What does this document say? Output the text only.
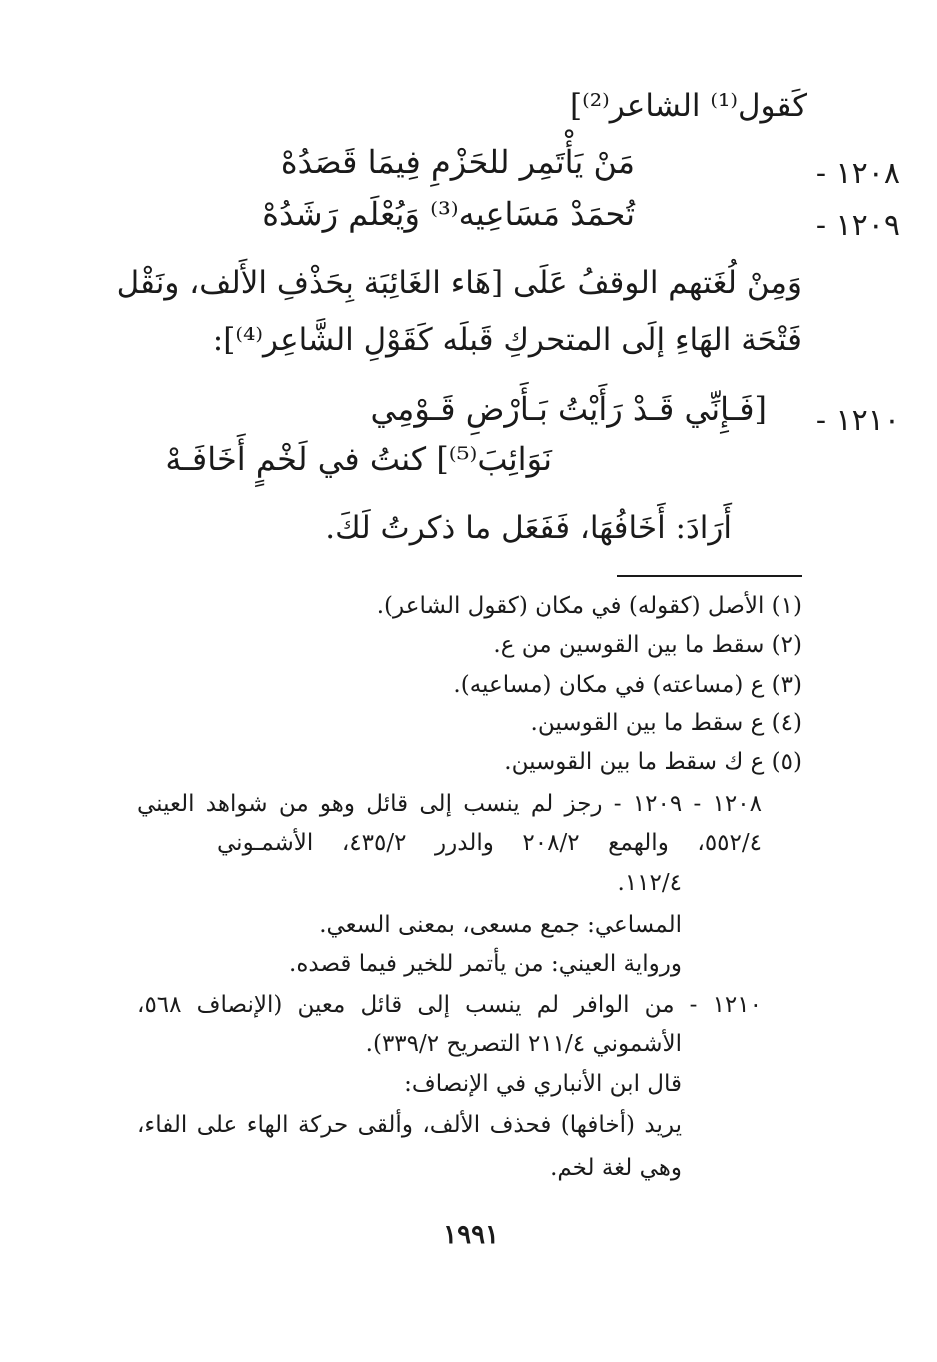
كَقول⁽¹⁾ الشاعر⁽²⁾]
١٢٠٨ -
مَنْ يَأْتَمِر للحَزْمِ فِيمَا قَصَدُهْ
١٢٠٩ -
تُحمَدْ مَسَاعِيه⁽³⁾ وَيُعْلَم رَشَدُهْ
وَمِنْ لُغَتهم الوقفُ عَلَى [هَاء الغَائِبَة بِحَذْفِ الأَلف، ونَقْل
فَتْحَة الهَاءِ إلَى المتحركِ قَبلَه كَقَوْلِ الشَّاعِر⁽⁴⁾]:
١٢١٠ -
[فَـإِنِّي قَـدْ رَأَيْتُ بَـأَرْضِ قَـوْمِي
نَوَائِبَ⁽⁵⁾] كنتُ في لَخْمٍ أَخَافَـهْ
أَرَادَ: أَخَافُهَا، فَفَعَل ما ذكرتُ لَكَ.
(١) الأصل (كقوله) في مكان (كقول الشاعر).
(٢) سقط ما بين القوسين من ع.
(٣) ع (مساعته) في مكان (مساعيه).
(٤) ع سقط ما بين القوسين.
(٥) ع ك سقط ما بين القوسين.
١٢٠٨ - ١٢٠٩ - رجز لم ينسب إلى قائل وهو من شواهد العيني
٥٥٢/٤، والهمع ٢٠٨/٢ والدرر ٤٣٥/٢، الأشمـوني
١١٢/٤.
المساعي: جمع مسعى، بمعنى السعي.
ورواية العيني: من يأتمر للخير فيما قصده.
١٢١٠ - من الوافر لم ينسب إلى قائل معين (الإنصاف ٥٦٨،
الأشموني ٢١١/٤ التصريح ٣٣٩/٢).
قال ابن الأنباري في الإنصاف:
يريد (أخافها) فحذف الألف، وألقى حركة الهاء على الفاء،
وهي لغة لخم.
١٩٩١
